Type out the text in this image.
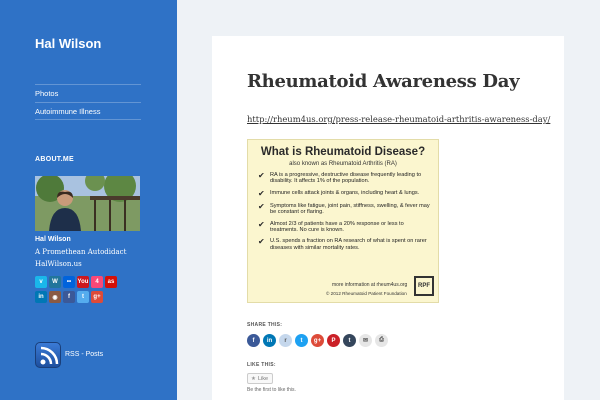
Hal Wilson
Photos
Autoimmune Illness
ABOUT.ME
Hal Wilson
A Promethean Autodidact
HalWilson.us
v	W	••	You	4	as
in	◉	f	t	g+
RSS - Posts
Rheumatoid Awareness Day
http://rheum4us.org/press-release-rheumatoid-arthritis-awareness-day/
What is Rheumatoid Disease?
also known as Rheumatoid Arthritis (RA)
✔ RA is a progressive, destructive disease frequently leading to disability. It affects 1% of the population.
✔ Immune cells attack joints & organs, including heart & lungs.
✔ Symptoms like fatigue, joint pain, stiffness, swelling, & fever may be constant or flaring.
✔ Almost 2/3 of patients have a 20% response or less to treatments. No cure is known.
✔ U.S. spends a fraction on RA research of what is spent on rarer diseases with similar mortality rates.
more information at rheum4us.org
© 2012 Rheumatoid Patient Foundation
RPF
SHARE THIS:
f	in	r	t	g+	P	t	✉	⎙
LIKE THIS:
★ Like
Be the first to like this.
